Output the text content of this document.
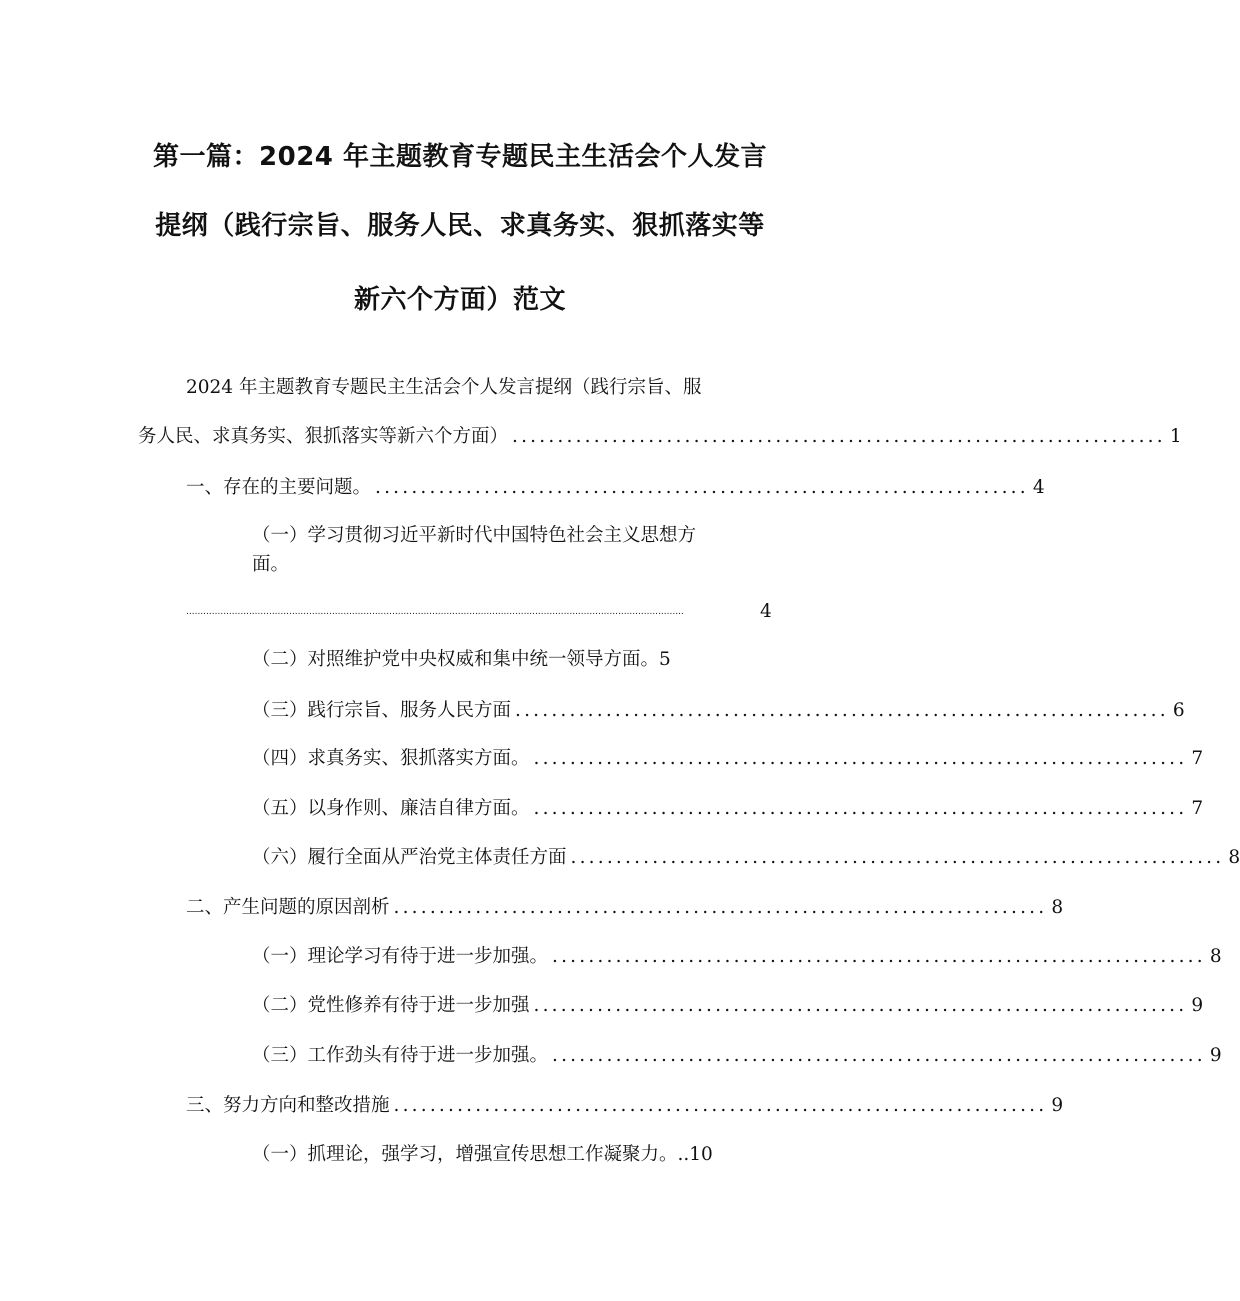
第一篇：2024 年主题教育专题民主生活会个人发言
提纲（践行宗旨、服务人民、求真务实、狠抓落实等
新六个方面）范文
2024 年主题教育专题民主生活会个人发言提纲（践行宗旨、服
务人民、求真务实、狠抓落实等新六个方面） ........................................................................ 1
一、存在的主要问题。 ........................................................................ 4
（一）学习贯彻习近平新时代中国特色社会主义思想方
面。
..............................................................................................................................................................................	4
（二）对照维护党中央权威和集中统一领导方面。5
（三）践行宗旨、服务人民方面 ........................................................................ 6
（四）求真务实、狠抓落实方面。 ........................................................................ 7
（五）以身作则、廉洁自律方面。 ........................................................................ 7
（六）履行全面从严治党主体责任方面 ........................................................................ 8
二、产生问题的原因剖析 ........................................................................ 8
（一）理论学习有待于进一步加强。 ........................................................................ 8
（二）党性修养有待于进一步加强 ........................................................................ 9
（三）工作劲头有待于进一步加强。 ........................................................................ 9
三、努力方向和整改措施 ........................................................................ 9
（一）抓理论，强学习，增强宣传思想工作凝聚力。..10
